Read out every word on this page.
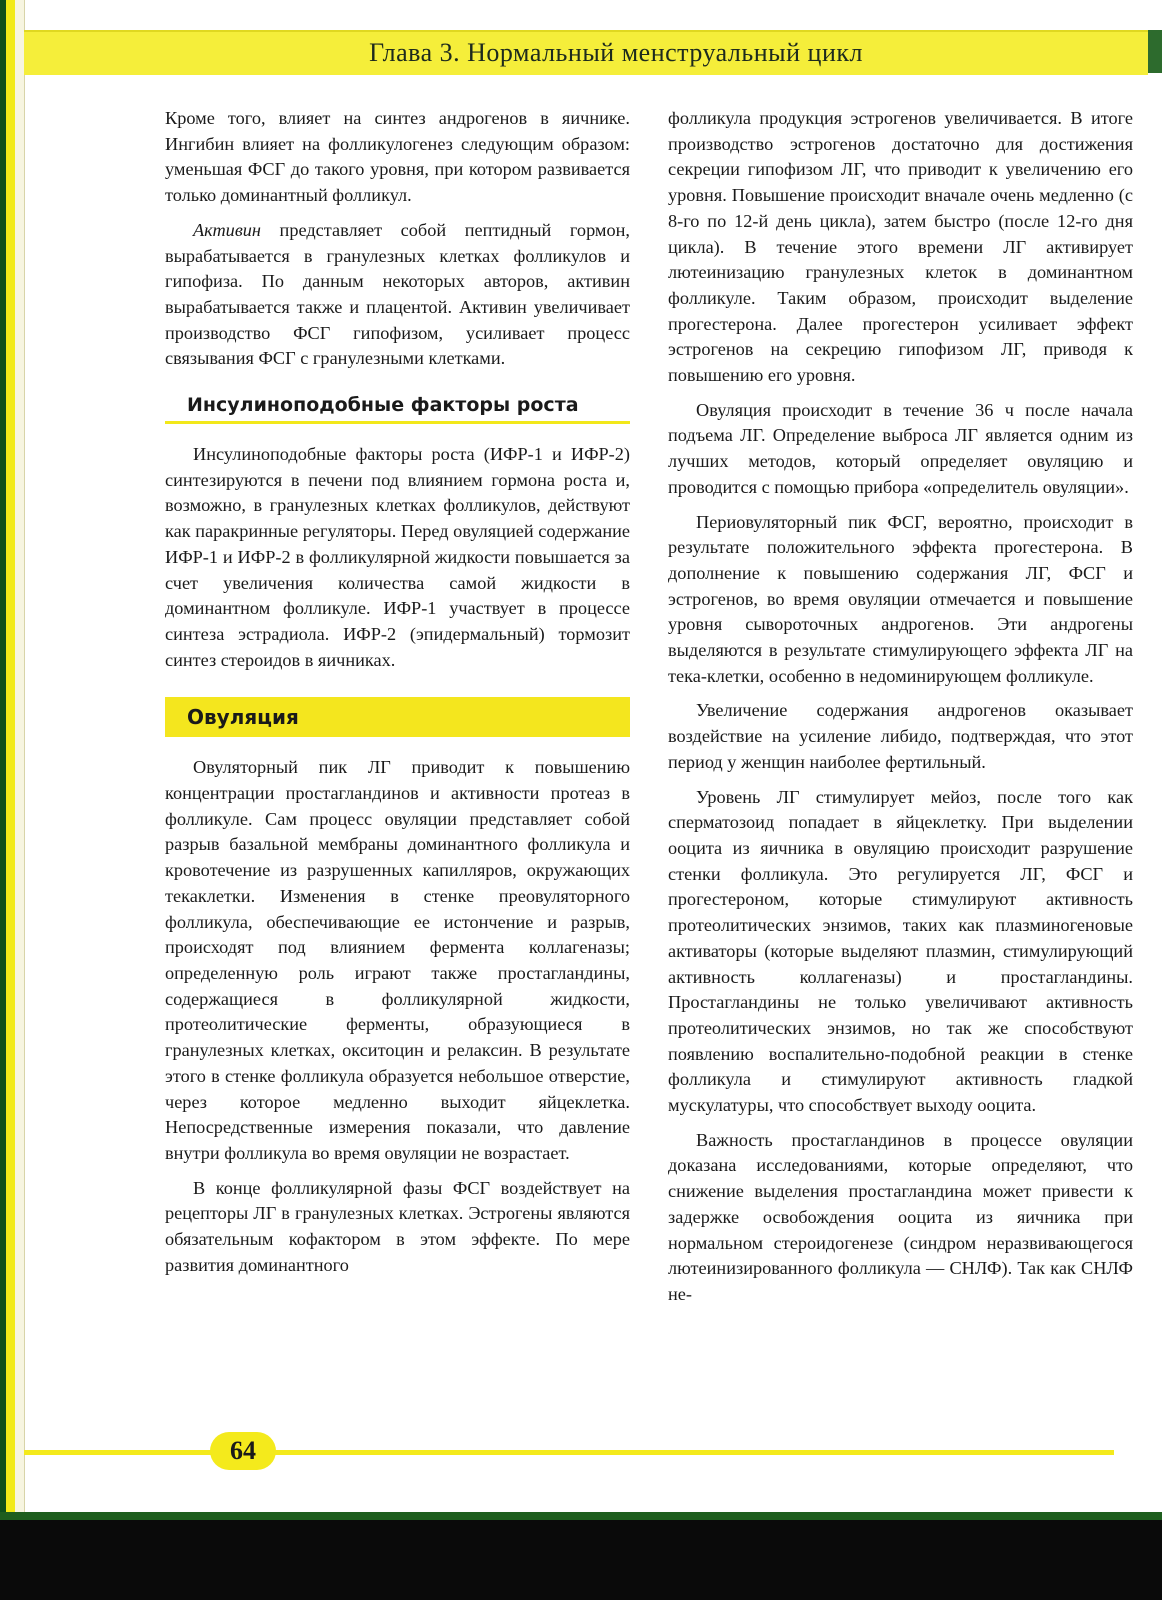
Глава 3. Нормальный менструальный цикл

Кроме того, влияет на синтез андрогенов в яичнике. Ингибин влияет на фолликулогенез следующим образом: уменьшая ФСГ до такого уровня, при котором развивается только доминантный фолликул.

Активин представляет собой пептидный гормон, вырабатывается в гранулезных клетках фолликулов и гипофиза. По данным некоторых авторов, активин вырабатывается также и плацентой. Активин увеличивает производство ФСГ гипофизом, усиливает процесс связывания ФСГ с гранулезными клетками.

Инсулиноподобные факторы роста

Инсулиноподобные факторы роста (ИФР-1 и ИФР-2) синтезируются в печени под влиянием гормона роста и, возможно, в гранулезных клетках фолликулов, действуют как паракринные регуляторы. Перед овуляцией содержание ИФР-1 и ИФР-2 в фолликулярной жидкости повышается за счет увеличения количества самой жидкости в доминантном фолликуле. ИФР-1 участвует в процессе синтеза эстрадиола. ИФР-2 (эпидермальный) тормозит синтез стероидов в яичниках.

Овуляция

Овуляторный пик ЛГ приводит к повышению концентрации простагландинов и активности протеаз в фолликуле. Сам процесс овуляции представляет собой разрыв базальной мембраны доминантного фолликула и кровотечение из разрушенных капилляров, окружающих текаклетки. Изменения в стенке преовуляторного фолликула, обеспечивающие ее истончение и разрыв, происходят под влиянием фермента коллагеназы; определенную роль играют также простагландины, содержащиеся в фолликулярной жидкости, протеолитические ферменты, образующиеся в гранулезных клетках, окситоцин и релаксин. В результате этого в стенке фолликула образуется небольшое отверстие, через которое медленно выходит яйцеклетка. Непосредственные измерения показали, что давление внутри фолликула во время овуляции не возрастает.

В конце фолликулярной фазы ФСГ воздействует на рецепторы ЛГ в гранулезных клетках. Эстрогены являются обязательным кофактором в этом эффекте. По мере развития доминантного

фолликула продукция эстрогенов увеличивается. В итоге производство эстрогенов достаточно для достижения секреции гипофизом ЛГ, что приводит к увеличению его уровня. Повышение происходит вначале очень медленно (с 8-го по 12-й день цикла), затем быстро (после 12-го дня цикла). В течение этого времени ЛГ активирует лютеинизацию гранулезных клеток в доминантном фолликуле. Таким образом, происходит выделение прогестерона. Далее прогестерон усиливает эффект эстрогенов на секрецию гипофизом ЛГ, приводя к повышению его уровня.

Овуляция происходит в течение 36 ч после начала подъема ЛГ. Определение выброса ЛГ является одним из лучших методов, который определяет овуляцию и проводится с помощью прибора «определитель овуляции».

Периовуляторный пик ФСГ, вероятно, происходит в результате положительного эффекта прогестерона. В дополнение к повышению содержания ЛГ, ФСГ и эстрогенов, во время овуляции отмечается и повышение уровня сывороточных андрогенов. Эти андрогены выделяются в результате стимулирующего эффекта ЛГ на тека-клетки, особенно в недоминирующем фолликуле.

Увеличение содержания андрогенов оказывает воздействие на усиление либидо, подтверждая, что этот период у женщин наиболее фертильный.

Уровень ЛГ стимулирует мейоз, после того как сперматозоид попадает в яйцеклетку. При выделении ооцита из яичника в овуляцию происходит разрушение стенки фолликула. Это регулируется ЛГ, ФСГ и прогестероном, которые стимулируют активность протеолитических энзимов, таких как плазминогеновые активаторы (которые выделяют плазмин, стимулирующий активность коллагеназы) и простагландины. Простагландины не только увеличивают активность протеолитических энзимов, но так же способствуют появлению воспалительно-подобной реакции в стенке фолликула и стимулируют активность гладкой мускулатуры, что способствует выходу ооцита.

Важность простагландинов в процессе овуляции доказана исследованиями, которые определяют, что снижение выделения простагландина может привести к задержке освобождения ооцита из яичника при нормальном стероидогенезе (синдром неразвивающегося лютеинизированного фолликула — СНЛФ). Так как СНЛФ не-

64
